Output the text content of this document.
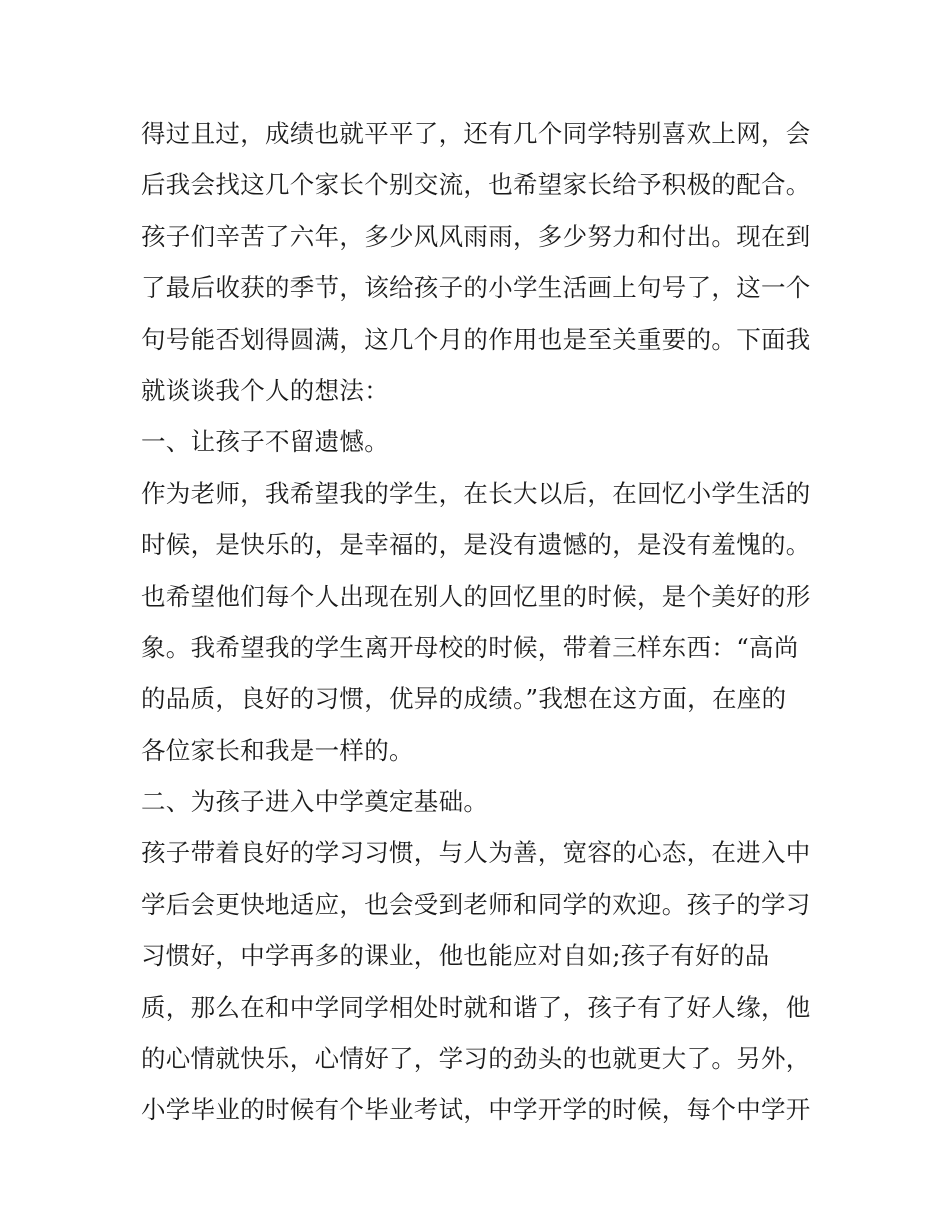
得过且过，成绩也就平平了，还有几个同学特别喜欢上网，会
后我会找这几个家长个别交流，也希望家长给予积极的配合。
孩子们辛苦了六年，多少风风雨雨，多少努力和付出。现在到
了最后收获的季节，该给孩子的小学生活画上句号了，这一个
句号能否划得圆满，这几个月的作用也是至关重要的。下面我
就谈谈我个人的想法：
一、让孩子不留遗憾。
作为老师，我希望我的学生，在长大以后，在回忆小学生活的
时候，是快乐的，是幸福的，是没有遗憾的，是没有羞愧的。
也希望他们每个人出现在别人的回忆里的时候，是个美好的形
象。我希望我的学生离开母校的时候，带着三样东西：“高尚
的品质，良好的习惯，优异的成绩。”我想在这方面，在座的
各位家长和我是一样的。
二、为孩子进入中学奠定基础。
孩子带着良好的学习习惯，与人为善，宽容的心态，在进入中
学后会更快地适应，也会受到老师和同学的欢迎。孩子的学习
习惯好，中学再多的课业，他也能应对自如;孩子有好的品
质，那么在和中学同学相处时就和谐了，孩子有了好人缘，他
的心情就快乐，心情好了，学习的劲头的也就更大了。另外，
小学毕业的时候有个毕业考试，中学开学的时候，每个中学开
